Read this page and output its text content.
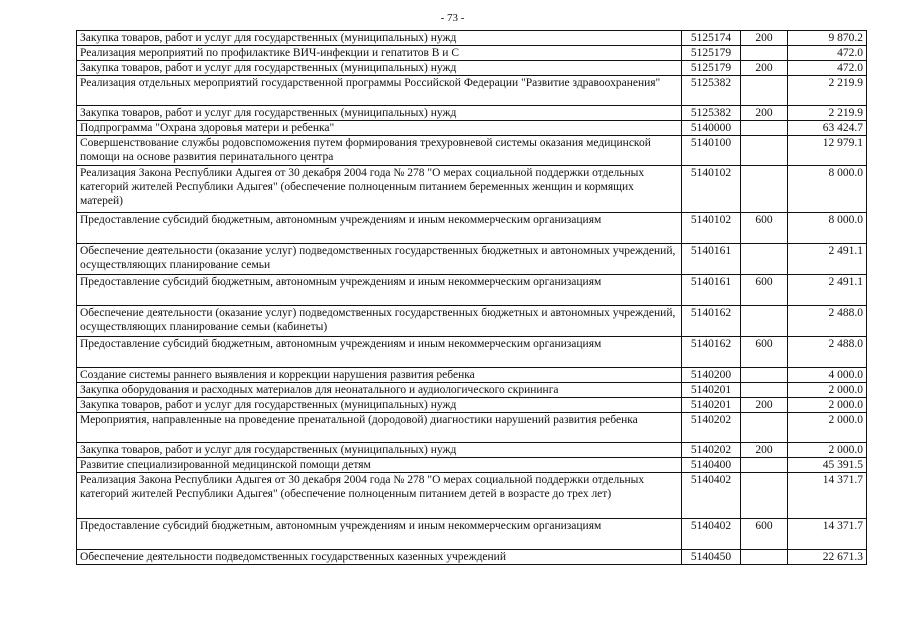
- 73 -
Закупка товаров, работ и услуг для государственных (муниципальных) нужд	5125174	200	9 870.2
Реализация мероприятий по профилактике ВИЧ-инфекции и гепатитов В и С	5125179		472.0
Закупка товаров, работ и услуг для государственных (муниципальных) нужд	5125179	200	472.0
Реализация отдельных мероприятий государственной программы Российской Федерации "Развитие здравоохранения"	5125382		2 219.9
Закупка товаров, работ и услуг для государственных (муниципальных) нужд	5125382	200	2 219.9
Подпрограмма "Охрана здоровья матери и ребенка"	5140000		63 424.7
Совершенствование службы родовспоможения путем формирования трехуровневой системы оказания медицинской помощи на основе развития перинатального центра	5140100		12 979.1
Реализация Закона Республики Адыгея от 30 декабря 2004 года № 278 "О мерах социальной поддержки отдельных категорий жителей Республики Адыгея" (обеспечение полноценным питанием беременных женщин и кормящих матерей)	5140102		8 000.0
Предоставление субсидий бюджетным, автономным учреждениям и иным некоммерческим организациям	5140102	600	8 000.0
Обеспечение деятельности (оказание услуг) подведомственных государственных бюджетных и автономных учреждений, осуществляющих планирование семьи	5140161		2 491.1
Предоставление субсидий бюджетным, автономным учреждениям и иным некоммерческим организациям	5140161	600	2 491.1
Обеспечение деятельности (оказание услуг) подведомственных государственных бюджетных и автономных учреждений, осуществляющих планирование семьи (кабинеты)	5140162		2 488.0
Предоставление субсидий бюджетным, автономным учреждениям и иным некоммерческим организациям	5140162	600	2 488.0
Создание системы раннего выявления и коррекции нарушения развития ребенка	5140200		4 000.0
Закупка оборудования и расходных материалов для неонатального и аудиологического скрининга	5140201		2 000.0
Закупка товаров, работ и услуг для государственных (муниципальных) нужд	5140201	200	2 000.0
Мероприятия, направленные на проведение пренатальной (дородовой) диагностики нарушений развития ребенка	5140202		2 000.0
Закупка товаров, работ и услуг для государственных (муниципальных) нужд	5140202	200	2 000.0
Развитие специализированной медицинской помощи детям	5140400		45 391.5
Реализация Закона Республики Адыгея от 30 декабря 2004 года № 278 "О мерах социальной поддержки отдельных категорий жителей Республики Адыгея" (обеспечение полноценным питанием детей в возрасте до трех лет)	5140402		14 371.7
Предоставление субсидий бюджетным, автономным учреждениям и иным некоммерческим организациям	5140402	600	14 371.7
Обеспечение деятельности подведомственных государственных казенных учреждений	5140450		22 671.3
